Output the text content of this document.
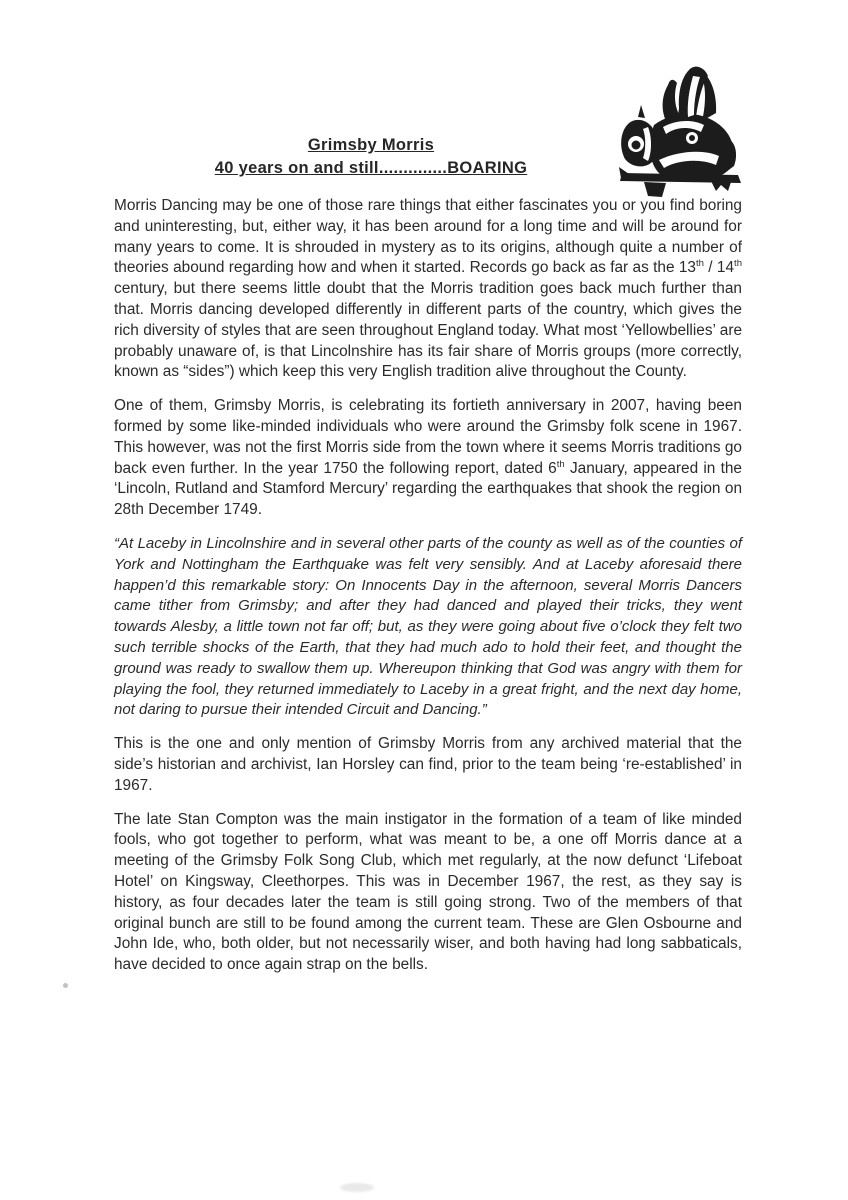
Grimsby Morris
40 years on and still..............BOARING

Morris Dancing may be one of those rare things that either fascinates you or you find boring and uninteresting, but, either way, it has been around for a long time and will be around for many years to come. It is shrouded in mystery as to its origins, although quite a number of theories abound regarding how and when it started. Records go back as far as the 13th / 14th century, but there seems little doubt that the Morris tradition goes back much further than that. Morris dancing developed differently in different parts of the country, which gives the rich diversity of styles that are seen throughout England today. What most ‘Yellowbellies’ are probably unaware of, is that Lincolnshire has its fair share of Morris groups (more correctly, known as “sides”) which keep this very English tradition alive throughout the County.

One of them, Grimsby Morris, is celebrating its fortieth anniversary in 2007, having been formed by some like-minded individuals who were around the Grimsby folk scene in 1967. This however, was not the first Morris side from the town where it seems Morris traditions go back even further. In the year 1750 the following report, dated 6th January, appeared in the ‘Lincoln, Rutland and Stamford Mercury’ regarding the earthquakes that shook the region on 28th December 1749.

“At Laceby in Lincolnshire and in several other parts of the county as well as of the counties of York and Nottingham the Earthquake was felt very sensibly. And at Laceby aforesaid there happen’d this remarkable story: On Innocents Day in the afternoon, several Morris Dancers came tither from Grimsby; and after they had danced and played their tricks, they went towards Alesby, a little town not far off; but, as they were going about five o’clock they felt two such terrible shocks of the Earth, that they had much ado to hold their feet, and thought the ground was ready to swallow them up. Whereupon thinking that God was angry with them for playing the fool, they returned immediately to Laceby in a great fright, and the next day home, not daring to pursue their intended Circuit and Dancing.”

This is the one and only mention of Grimsby Morris from any archived material that the side’s historian and archivist, Ian Horsley can find, prior to the team being ‘re-established’ in 1967.

The late Stan Compton was the main instigator in the formation of a team of like minded fools, who got together to perform, what was meant to be, a one off Morris dance at a meeting of the Grimsby Folk Song Club, which met regularly, at the now defunct ‘Lifeboat Hotel’ on Kingsway, Cleethorpes. This was in December 1967, the rest, as they say is history, as four decades later the team is still going strong. Two of the members of that original bunch are still to be found among the current team. These are Glen Osbourne and John Ide, who, both older, but not necessarily wiser, and both having had long sabbaticals, have decided to once again strap on the bells.
